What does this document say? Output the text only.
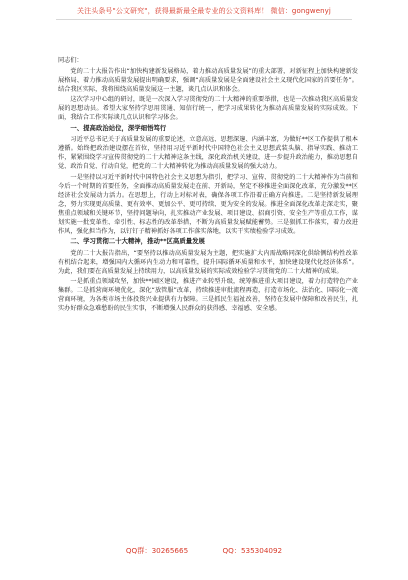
关注头条号"公文研究"，获得最新最全最专业的公文资料库！ 微信：gongwenyj
同志们：

党的二十大报告作出“加快构建新发展格局，着力推动高质量发展”的重大部署，对新征程上加快构建新发展格局、着力推动高质量发展提出明确要求，强调“高质量发展是全面建设社会主义现代化国家的首要任务”。结合我区实际，我将围绕高质量发展这一主题，谈几点认识和体会。

这次学习中心组的研讨，既是一次深入学习贯彻党的二十大精神的重要举措，也是一次推动我区高质量发展的思想动员。希望大家坚持学思用贯通、知信行统一，把学习成果转化为推动高质量发展的实际成效。下面，我结合工作实际谈几点认识和学习体会。

一、提高政治站位，深学细悟笃行

习近平总书记关于高质量发展的重要论述，立意高远、思想深邃、内涵丰富，为做好**区工作提供了根本遵循。始终把政治建设摆在首位，坚持用习近平新时代中国特色社会主义思想武装头脑、指导实践、推动工作，紧紧围绕学习宣传贯彻党的二十大精神这条主线，深化政治机关建设，进一步提升政治能力，推动思想自觉、政治自觉、行动自觉，把党的二十大精神转化为推动高质量发展的强大动力。

一是坚持以习近平新时代中国特色社会主义思想为指引，把学习、宣传、贯彻党的二十大精神作为当前和今后一个时期的首要任务，全面推动高质量发展走在前、开新局，坚定不移推进全面深化改革，充分激发**区经济社会发展动力活力。在思想上，行动上对标对表，确保各项工作沿着正确方向推进。二是坚持新发展理念，努力实现更高质量、更有效率、更加公平、更可持续、更为安全的发展。推进全面深化改革走深走实，聚焦重点领域和关键环节，坚持问题导向，扎实推动产业发展、项目建设、招商引资、安全生产等重点工作，谋划实施一批变革性、牵引性、标志性的改革举措，不断为高质量发展赋能蓄势。三是狠抓工作落实，着力改进作风，强化担当作为，以钉钉子精神抓好各项工作落实落地，以实干实绩检验学习成效。

二、学习贯彻二十大精神，推动**区高质量发展

党的二十大报告指出，“要坚持以推动高质量发展为主题，把实施扩大内需战略同深化供给侧结构性改革有机结合起来，增强国内大循环内生动力和可靠性，提升国际循环质量和水平，加快建设现代化经济体系”。为此，我们要在高质量发展上持续用力，以高质量发展的实际成效检验学习贯彻党的二十大精神的成果。

一是抓重点领域攻坚，加快**园区建设，推进产业转型升级，统筹推进重大项目建设，着力打造特色产业集群。二是抓营商环境优化，深化“放管服”改革，持续推进审批流程再造，打造市场化、法治化、国际化一流营商环境，为各类市场主体投资兴业提供有力保障。三是抓民生福祉改善，坚持在发展中保障和改善民生，扎实办好群众急难愁盼的民生实事，不断增强人民群众的获得感、幸福感、安全感。

QQ群：30265665	QQ：535304092
